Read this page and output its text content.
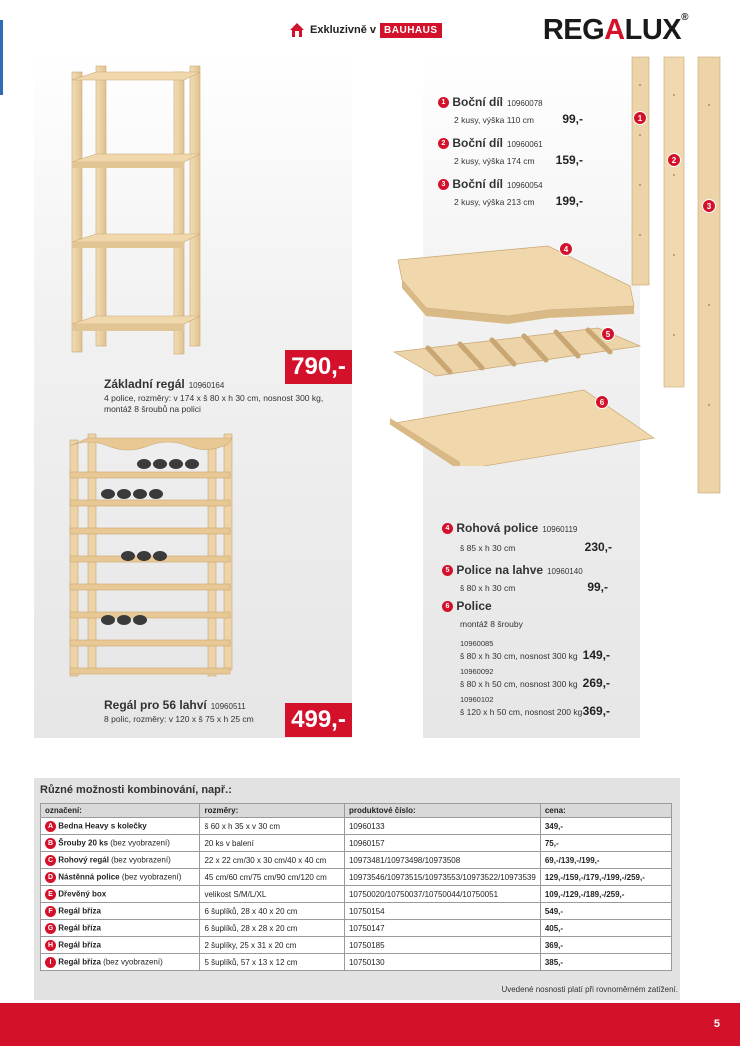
Exkluzivně v BAUHAUS	REGALUX®
790,-
Základní regál 10960164
4 police, rozměry: v 174 x š 80 x h 30 cm, nosnost 300 kg,
montáž 8 šroubů na polici
Regál pro 56 lahví 10960511
8 polic, rozměry: v 120 x š 75 x h 25 cm 499,-
1 Boční díl 10960078
2 kusy, výška 110 cm 99,-
2 Boční díl 10960061
2 kusy, výška 174 cm 159,-
3 Boční díl 10960054
2 kusy, výška 213 cm 199,-
1
2
3
4
5
6
4 Rohová police 10960119
š 85 x h 30 cm	230,-
5 Police na lahve 10960140
š 80 x h 30 cm	99,-
6 Police
montáž 8 šrouby
10960085
š 80 x h 30 cm, nosnost 300 kg 149,-
10960092
š 80 x h 50 cm, nosnost 300 kg 269,-
10960102
š 120 x h 50 cm, nosnost 200 kg 369,-
Různé možnosti kombinování, např.:
označení:	rozměry:	produktové číslo:	cena:
A Bedna Heavy s kolečky	š 60 x h 35 x v 30 cm	10960133	349,-
B Šrouby 20 ks (bez vyobrazení)	20 ks v balení	10960157	75,-
C Rohový regál (bez vyobrazení)	22 x 22 cm/30 x 30 cm/40 x 40 cm	10973481/10973498/10973508	69,-/139,-/199,-
D Nástěnná police (bez vyobrazení)	45 cm/60 cm/75 cm/90 cm/120 cm	10973546/10973515/10973553/10973522/10973539	129,-/159,-/179,-/199,-/259,-
E Dřevěný box	velikost S/M/L/XL	10750020/10750037/10750044/10750051	109,-/129,-/189,-/259,-
F Regál bříza	6 šuplíků, 28 x 40 x 20 cm	10750154	549,-
G Regál bříza	6 šuplíků, 28 x 28 x 20 cm	10750147	405,-
H Regál bříza	2 šuplíky, 25 x 31 x 20 cm	10750185	369,-
I Regál bříza (bez vyobrazení)	5 šuplíků, 57 x 13 x 12 cm	10750130	385,-
Uvedené nosnosti platí při rovnoměrném zatížení.
5
